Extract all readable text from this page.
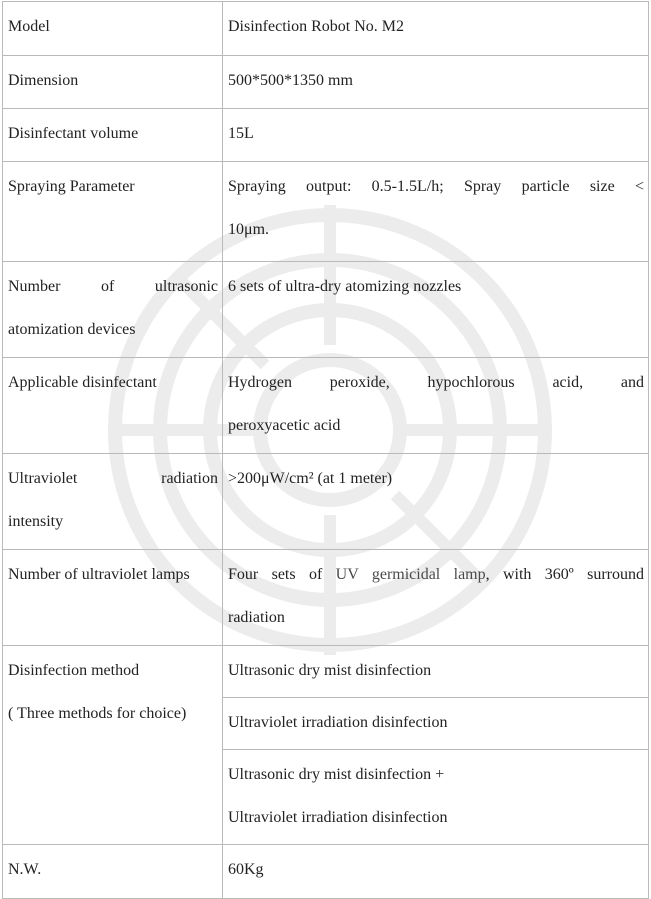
Model	Disinfection Robot No. M2
Dimension	500*500*1350 mm
Disinfectant volume	15L
Spraying Parameter	Spraying output: 0.5-1.5L/h; Spray particle size <
10μm.

Number of ultrasonic
atomization devices	6 sets of ultra-dry atomizing nozzles
Applicable disinfectant	Hydrogen peroxide, hypochlorous acid, and
peroxyacetic acid

Ultraviolet radiation
intensity	>200μW/cm² (at 1 meter)
Number of ultraviolet lamps	Four sets of UV germicidal lamp, with 360º surround
radiation

Disinfection method
( Three methods for choice)	Ultrasonic dry mist disinfection
	Ultraviolet irradiation disinfection

	Ultrasonic dry mist disinfection +
Ultraviolet irradiation disinfection
N.W.	60Kg
